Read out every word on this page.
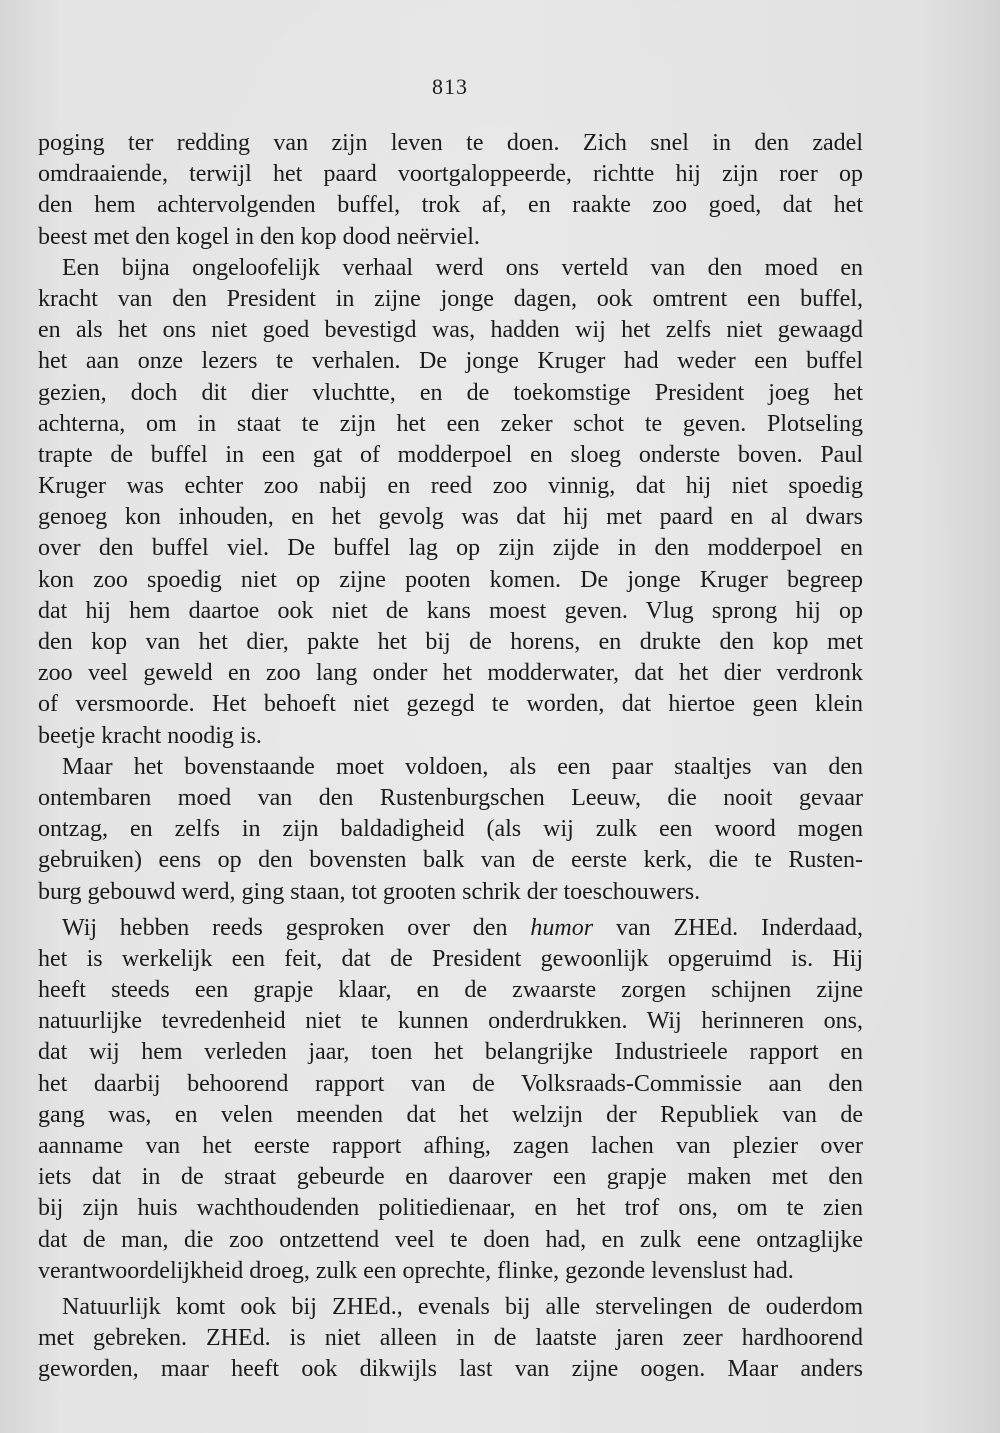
813
poging ter redding van zijn leven te doen. Zich snel in den zadel
omdraaiende, terwijl het paard voortgaloppeerde, richtte hij zijn roer op
den hem achtervolgenden buffel, trok af, en raakte zoo goed, dat het
beest met den kogel in den kop dood neërviel.
Een bijna ongeloofelijk verhaal werd ons verteld van den moed en
kracht van den President in zijne jonge dagen, ook omtrent een buffel,
en als het ons niet goed bevestigd was, hadden wij het zelfs niet gewaagd
het aan onze lezers te verhalen. De jonge Kruger had weder een buffel
gezien, doch dit dier vluchtte, en de toekomstige President joeg het
achterna, om in staat te zijn het een zeker schot te geven. Plotseling
trapte de buffel in een gat of modderpoel en sloeg onderste boven. Paul
Kruger was echter zoo nabij en reed zoo vinnig, dat hij niet spoedig
genoeg kon inhouden, en het gevolg was dat hij met paard en al dwars
over den buffel viel. De buffel lag op zijn zijde in den modderpoel en
kon zoo spoedig niet op zijne pooten komen. De jonge Kruger begreep
dat hij hem daartoe ook niet de kans moest geven. Vlug sprong hij op
den kop van het dier, pakte het bij de horens, en drukte den kop met
zoo veel geweld en zoo lang onder het modderwater, dat het dier verdronk
of versmoorde. Het behoeft niet gezegd te worden, dat hiertoe geen klein
beetje kracht noodig is.
Maar het bovenstaande moet voldoen, als een paar staaltjes van den
ontembaren moed van den Rustenburgschen Leeuw, die nooit gevaar
ontzag, en zelfs in zijn baldadigheid (als wij zulk een woord mogen
gebruiken) eens op den bovensten balk van de eerste kerk, die te Rusten-
burg gebouwd werd, ging staan, tot grooten schrik der toeschouwers.
Wij hebben reeds gesproken over den humor van ZHEd. Inderdaad,
het is werkelijk een feit, dat de President gewoonlijk opgeruimd is. Hij
heeft steeds een grapje klaar, en de zwaarste zorgen schijnen zijne
natuurlijke tevredenheid niet te kunnen onderdrukken. Wij herinneren ons,
dat wij hem verleden jaar, toen het belangrijke Industrieele rapport en
het daarbij behoorend rapport van de Volksraads-Commissie aan den
gang was, en velen meenden dat het welzijn der Republiek van de
aanname van het eerste rapport afhing, zagen lachen van plezier over
iets dat in de straat gebeurde en daarover een grapje maken met den
bij zijn huis wachthoudenden politiedienaar, en het trof ons, om te zien
dat de man, die zoo ontzettend veel te doen had, en zulk eene ontzaglijke
verantwoordelijkheid droeg, zulk een oprechte, flinke, gezonde levenslust had.
Natuurlijk komt ook bij ZHEd., evenals bij alle stervelingen de ouderdom
met gebreken. ZHEd. is niet alleen in de laatste jaren zeer hardhoorend
geworden, maar heeft ook dikwijls last van zijne oogen. Maar anders
